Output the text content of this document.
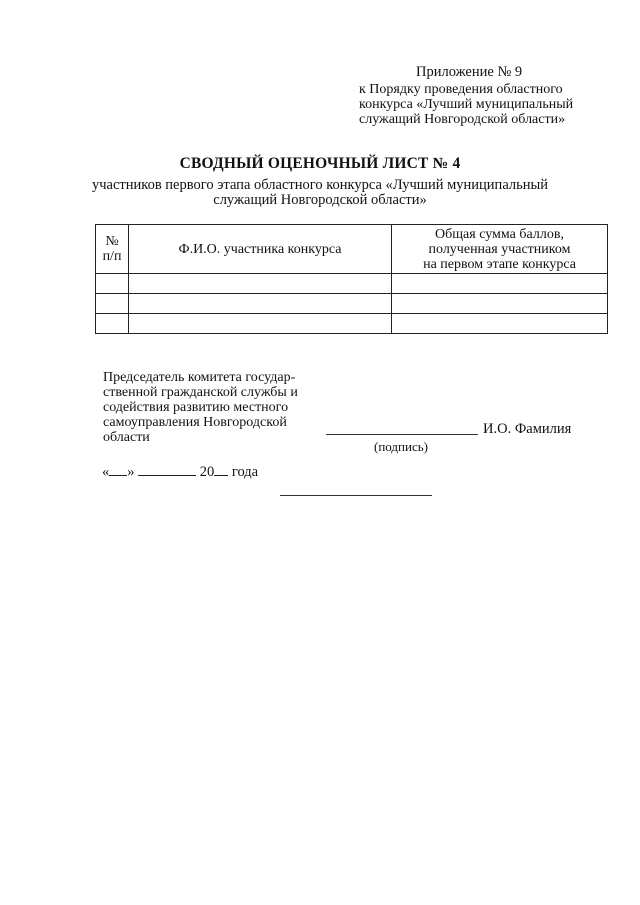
Приложение № 9
к Порядку проведения областного
конкурса «Лучший муниципальный
служащий Новгородской области»
СВОДНЫЙ ОЦЕНОЧНЫЙ ЛИСТ № 4
участников первого этапа областного конкурса «Лучший муниципальный
служащий Новгородской области»
№
п/п	Ф.И.О. участника конкурса	Общая сумма баллов,
полученная участником
на первом этапе конкурса

Председатель комитета государ-
ственной гражданской службы и
содействия развитию местного
самоуправления Новгородской
области
И.О. Фамилия
(подпись)
« »	20 года
